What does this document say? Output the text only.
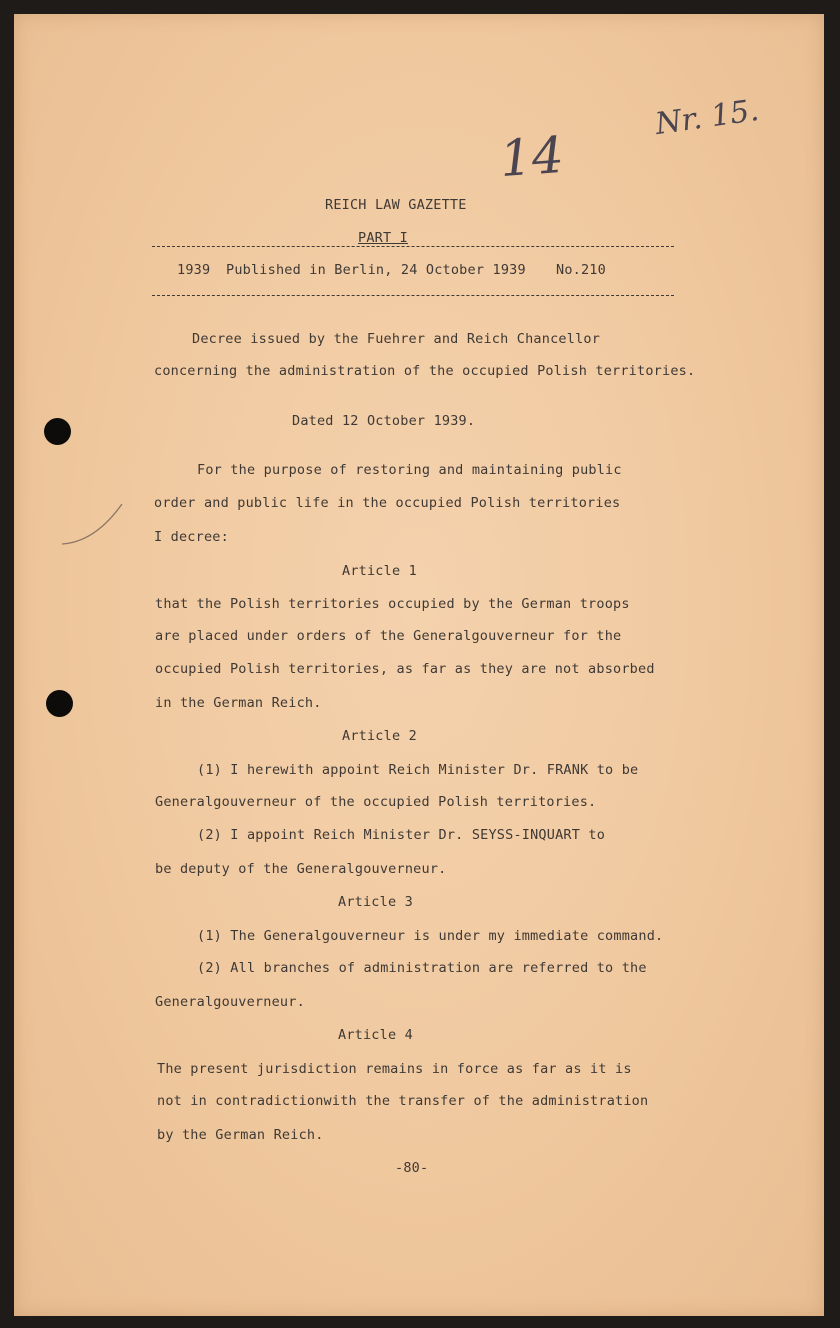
14
Nr. 15.
REICH LAW GAZETTE
PART I
1939 Published in Berlin, 24 October 1939 No.210
Decree issued by the Fuehrer and Reich Chancellor
concerning the administration of the occupied Polish territories.
Dated 12 October 1939.
For the purpose of restoring and maintaining public
order and public life in the occupied Polish territories
I decree:
Article 1
that the Polish territories occupied by the German troops
are placed under orders of the Generalgouverneur for the
occupied Polish territories, as far as they are not absorbed
in the German Reich.
Article 2
(1) I herewith appoint Reich Minister Dr. FRANK to be
Generalgouverneur of the occupied Polish territories.
(2) I appoint Reich Minister Dr. SEYSS-INQUART to
be deputy of the Generalgouverneur.
Article 3
(1) The Generalgouverneur is under my immediate command.
(2) All branches of administration are referred to the
Generalgouverneur.
Article 4
The present jurisdiction remains in force as far as it is
not in contradictionwith the transfer of the administration
by the German Reich.
-80-
